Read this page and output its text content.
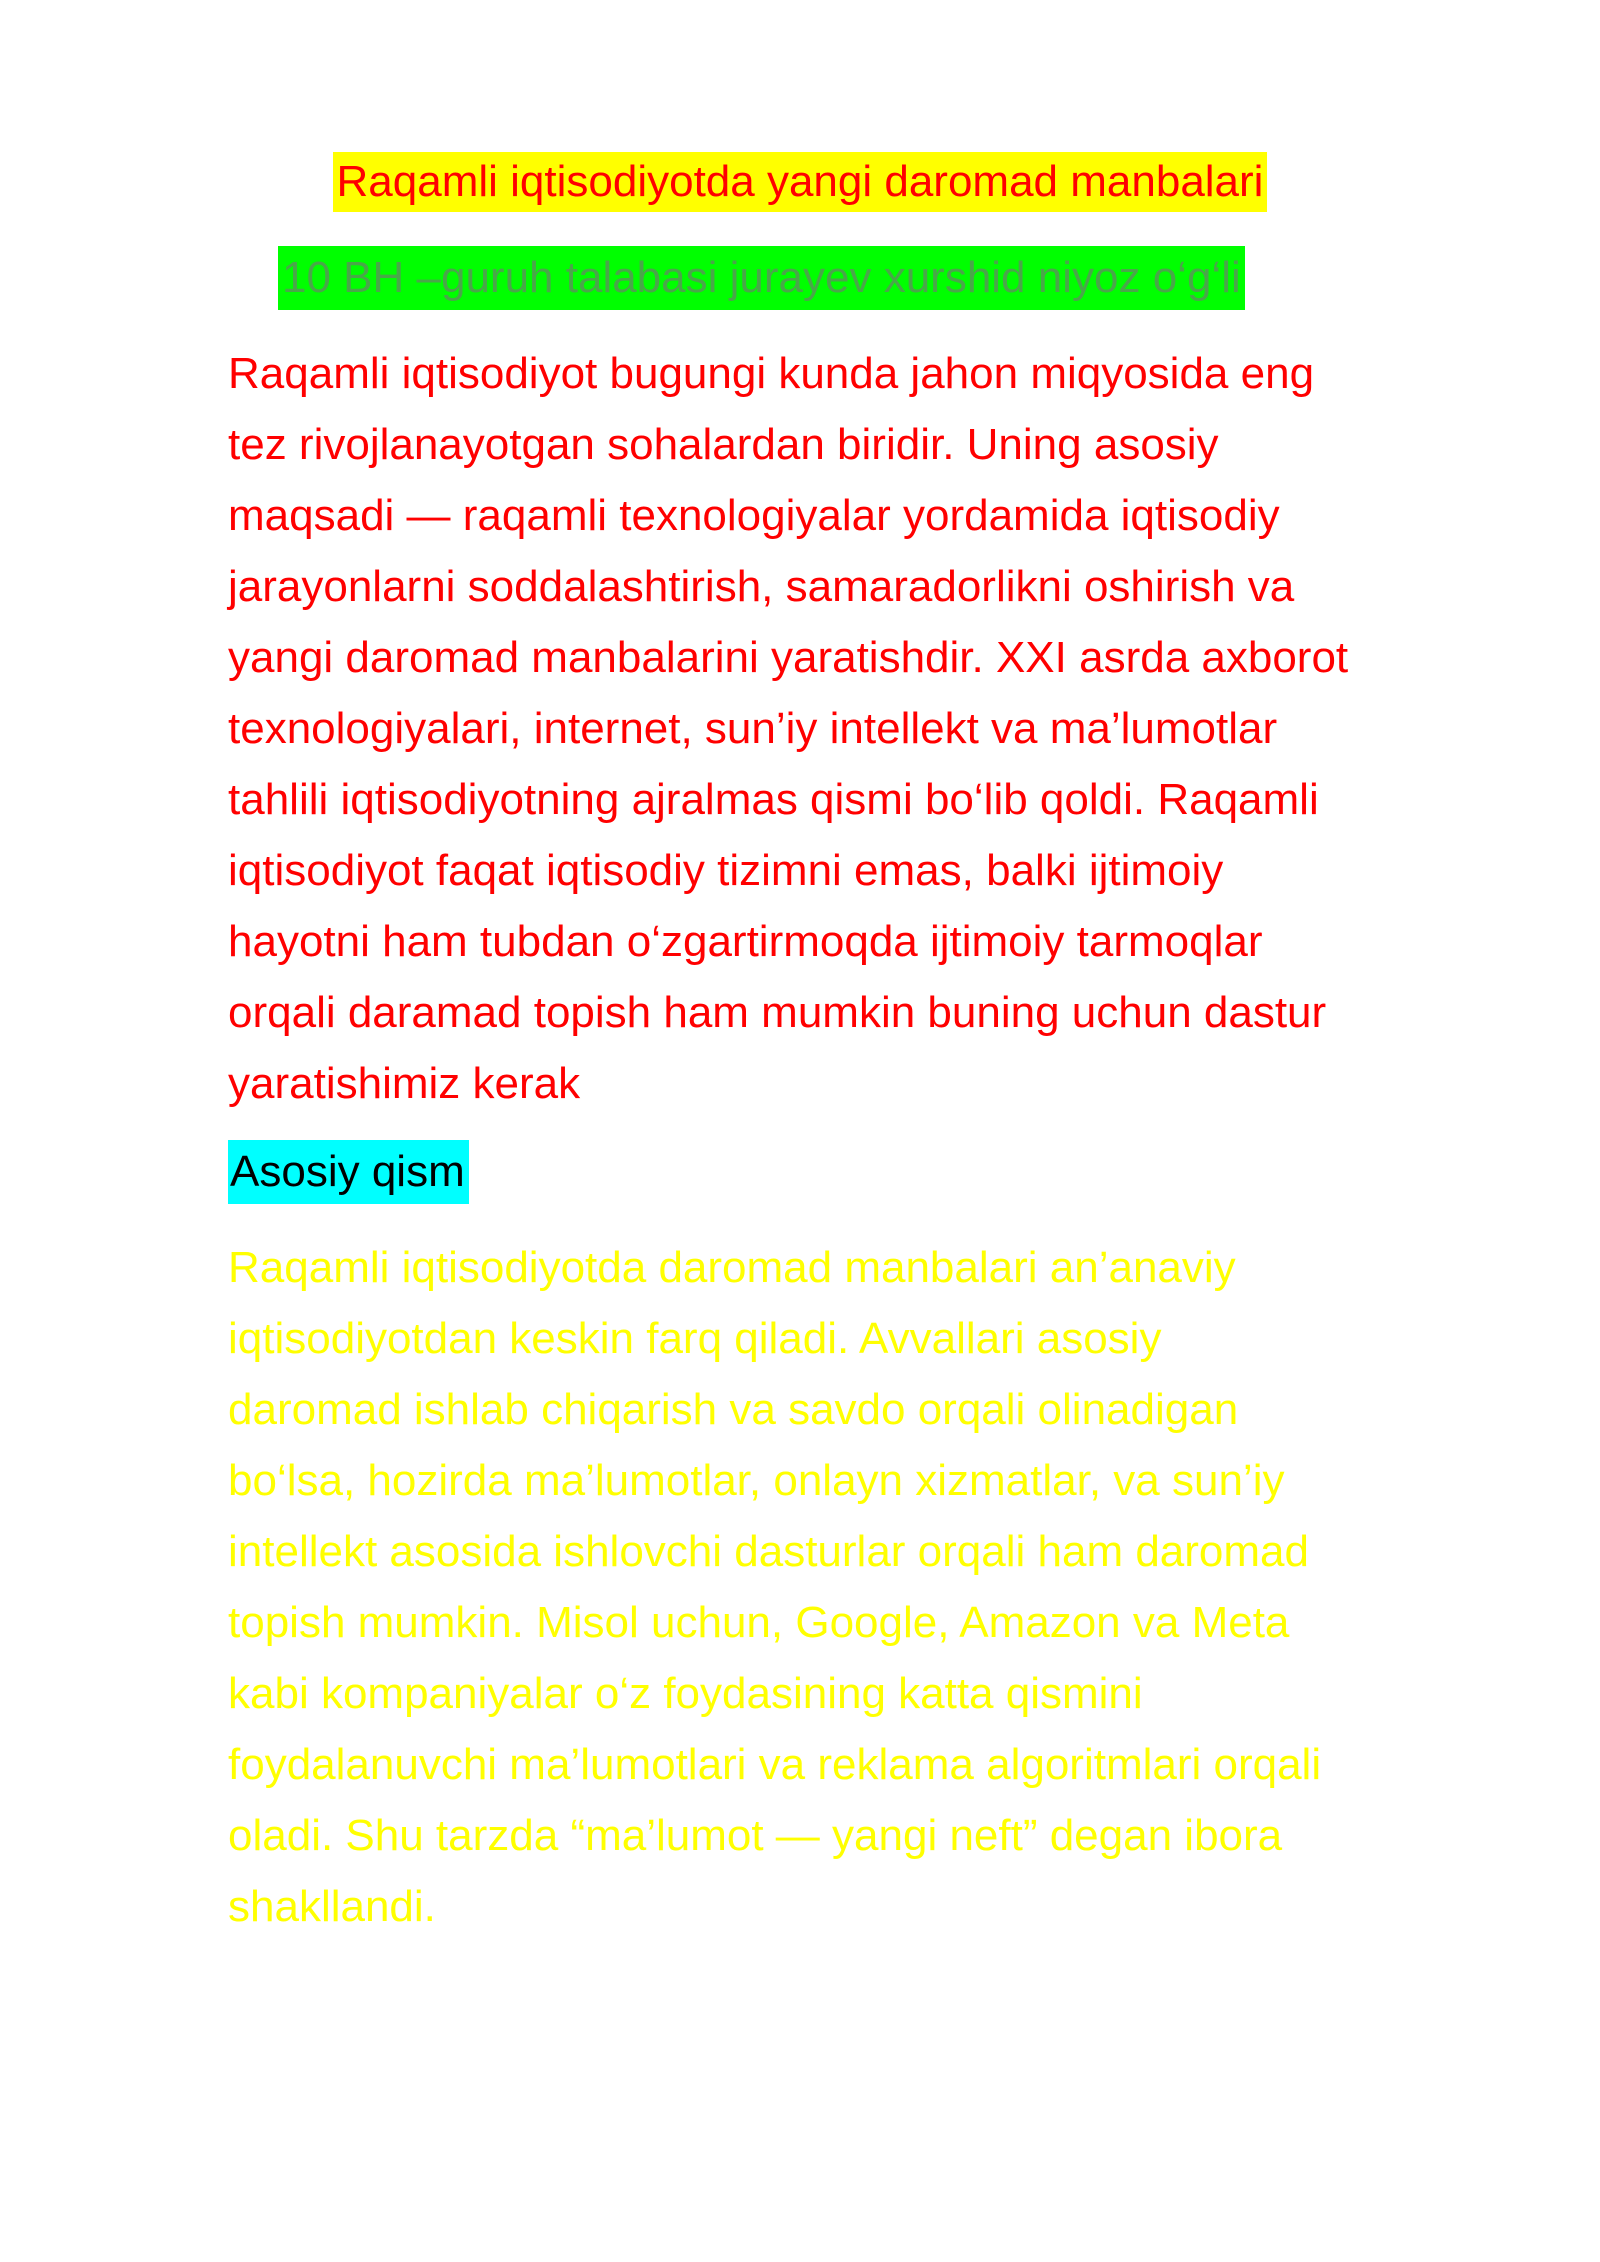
Raqamli iqtisodiyotda yangi daromad manbalari
10 BH –guruh talabasi jurayev xurshid niyoz o‘g‘li

Raqamli iqtisodiyot bugungi kunda jahon miqyosida eng
tez rivojlanayotgan sohalardan biridir. Uning asosiy
maqsadi — raqamli texnologiyalar yordamida iqtisodiy
jarayonlarni soddalashtirish, samaradorlikni oshirish va
yangi daromad manbalarini yaratishdir. XXI asrda axborot
texnologiyalari, internet, sun’iy intellekt va ma’lumotlar
tahlili iqtisodiyotning ajralmas qismi bo‘lib qoldi. Raqamli
iqtisodiyot faqat iqtisodiy tizimni emas, balki ijtimoiy
hayotni ham tubdan o‘zgartirmoqda ijtimoiy tarmoqlar
orqali daramad topish ham mumkin buning uchun dastur
yaratishimiz kerak

Asosiy qism

Raqamli iqtisodiyotda daromad manbalari an’anaviy
iqtisodiyotdan keskin farq qiladi. Avvallari asosiy
daromad ishlab chiqarish va savdo orqali olinadigan
bo‘lsa, hozirda ma’lumotlar, onlayn xizmatlar, va sun’iy
intellekt asosida ishlovchi dasturlar orqali ham daromad
topish mumkin. Misol uchun, Google, Amazon va Meta
kabi kompaniyalar o‘z foydasining katta qismini
foydalanuvchi ma’lumotlari va reklama algoritmlari orqali
oladi. Shu tarzda “ma’lumot — yangi neft” degan ibora
shakllandi.
